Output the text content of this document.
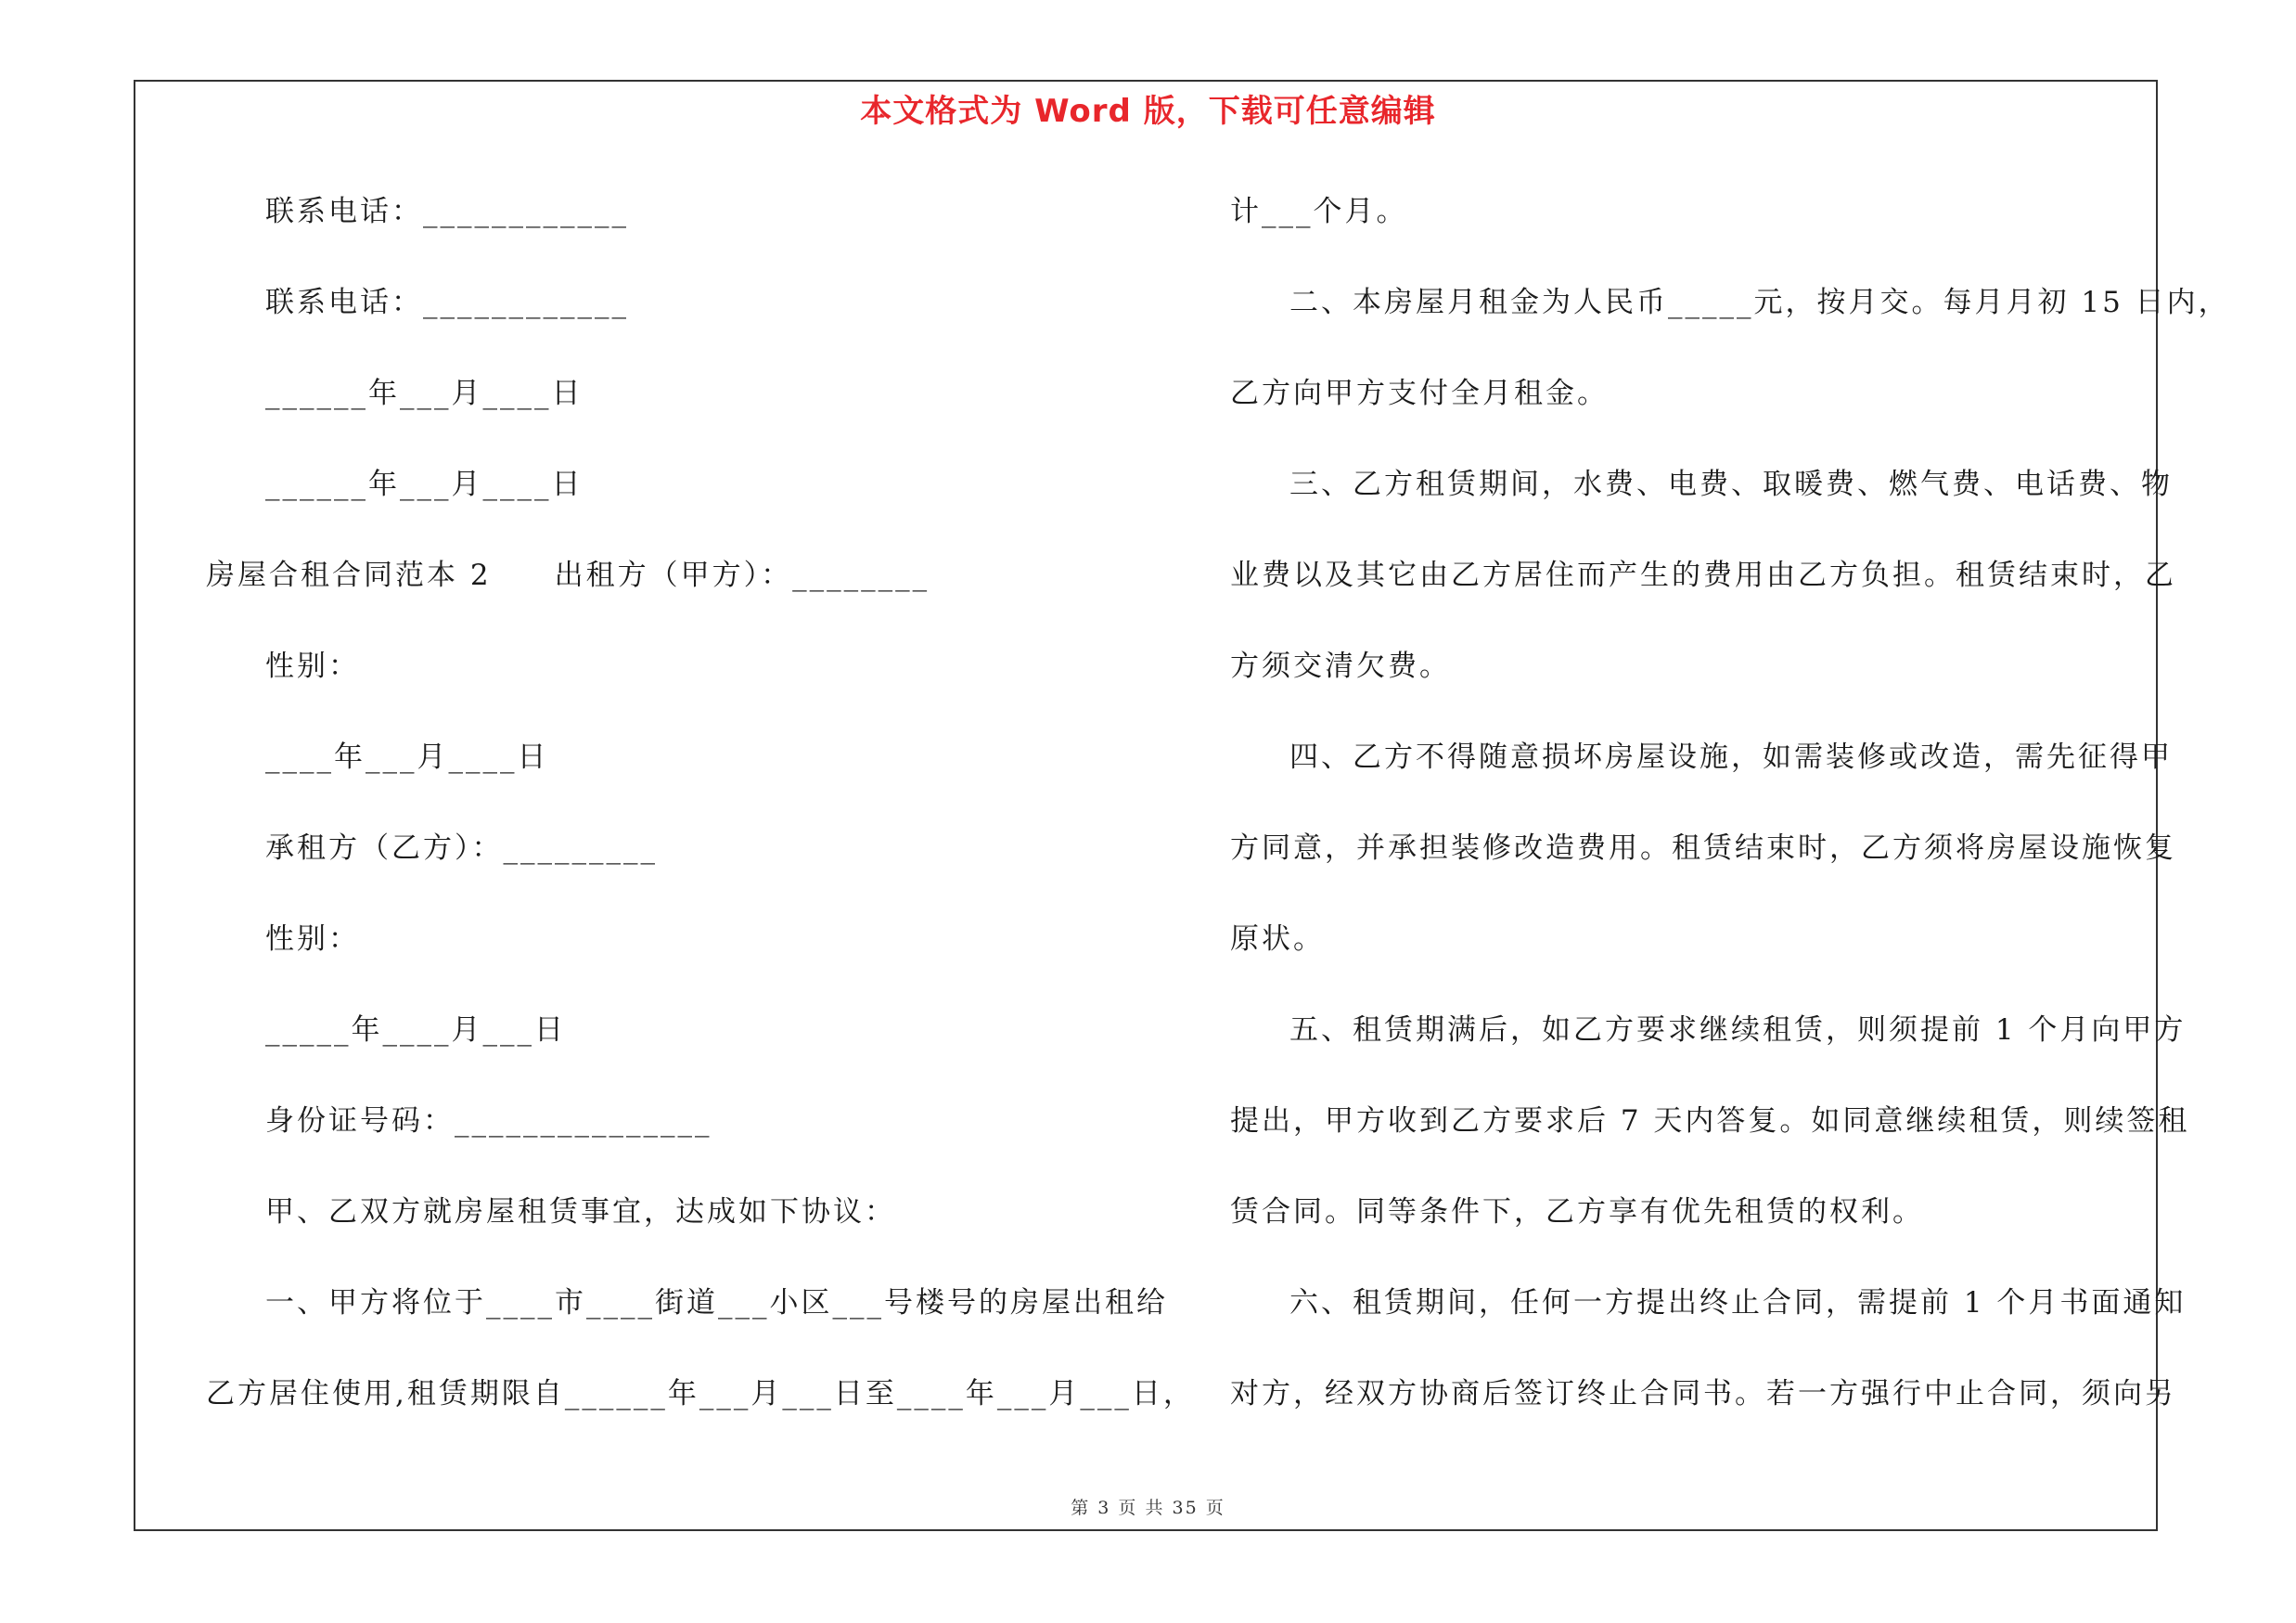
本文格式为 Word 版，下载可任意编辑
联系电话：____________
联系电话：____________
______年___月____日
______年___月____日
房屋合租合同范本 2　　出租方（甲方）：________
性别：
____年___月____日
承租方（乙方）：_________
性别：
_____年____月___日
身份证号码：_______________
甲、乙双方就房屋租赁事宜，达成如下协议：
一、甲方将位于____市____街道___小区___号楼号的房屋出租给
乙方居住使用,租赁期限自______年___月___日至____年___月___日，
计___个月。
二、本房屋月租金为人民币_____元，按月交。每月月初 15 日内，
乙方向甲方支付全月租金。
三、乙方租赁期间，水费、电费、取暖费、燃气费、电话费、物
业费以及其它由乙方居住而产生的费用由乙方负担。租赁结束时，乙
方须交清欠费。
四、乙方不得随意损坏房屋设施，如需装修或改造，需先征得甲
方同意，并承担装修改造费用。租赁结束时，乙方须将房屋设施恢复
原状。
五、租赁期满后，如乙方要求继续租赁，则须提前 1 个月向甲方
提出，甲方收到乙方要求后 7 天内答复。如同意继续租赁，则续签租
赁合同。同等条件下，乙方享有优先租赁的权利。
六、租赁期间，任何一方提出终止合同，需提前 1 个月书面通知
对方，经双方协商后签订终止合同书。若一方强行中止合同，须向另
第 3 页 共 35 页
